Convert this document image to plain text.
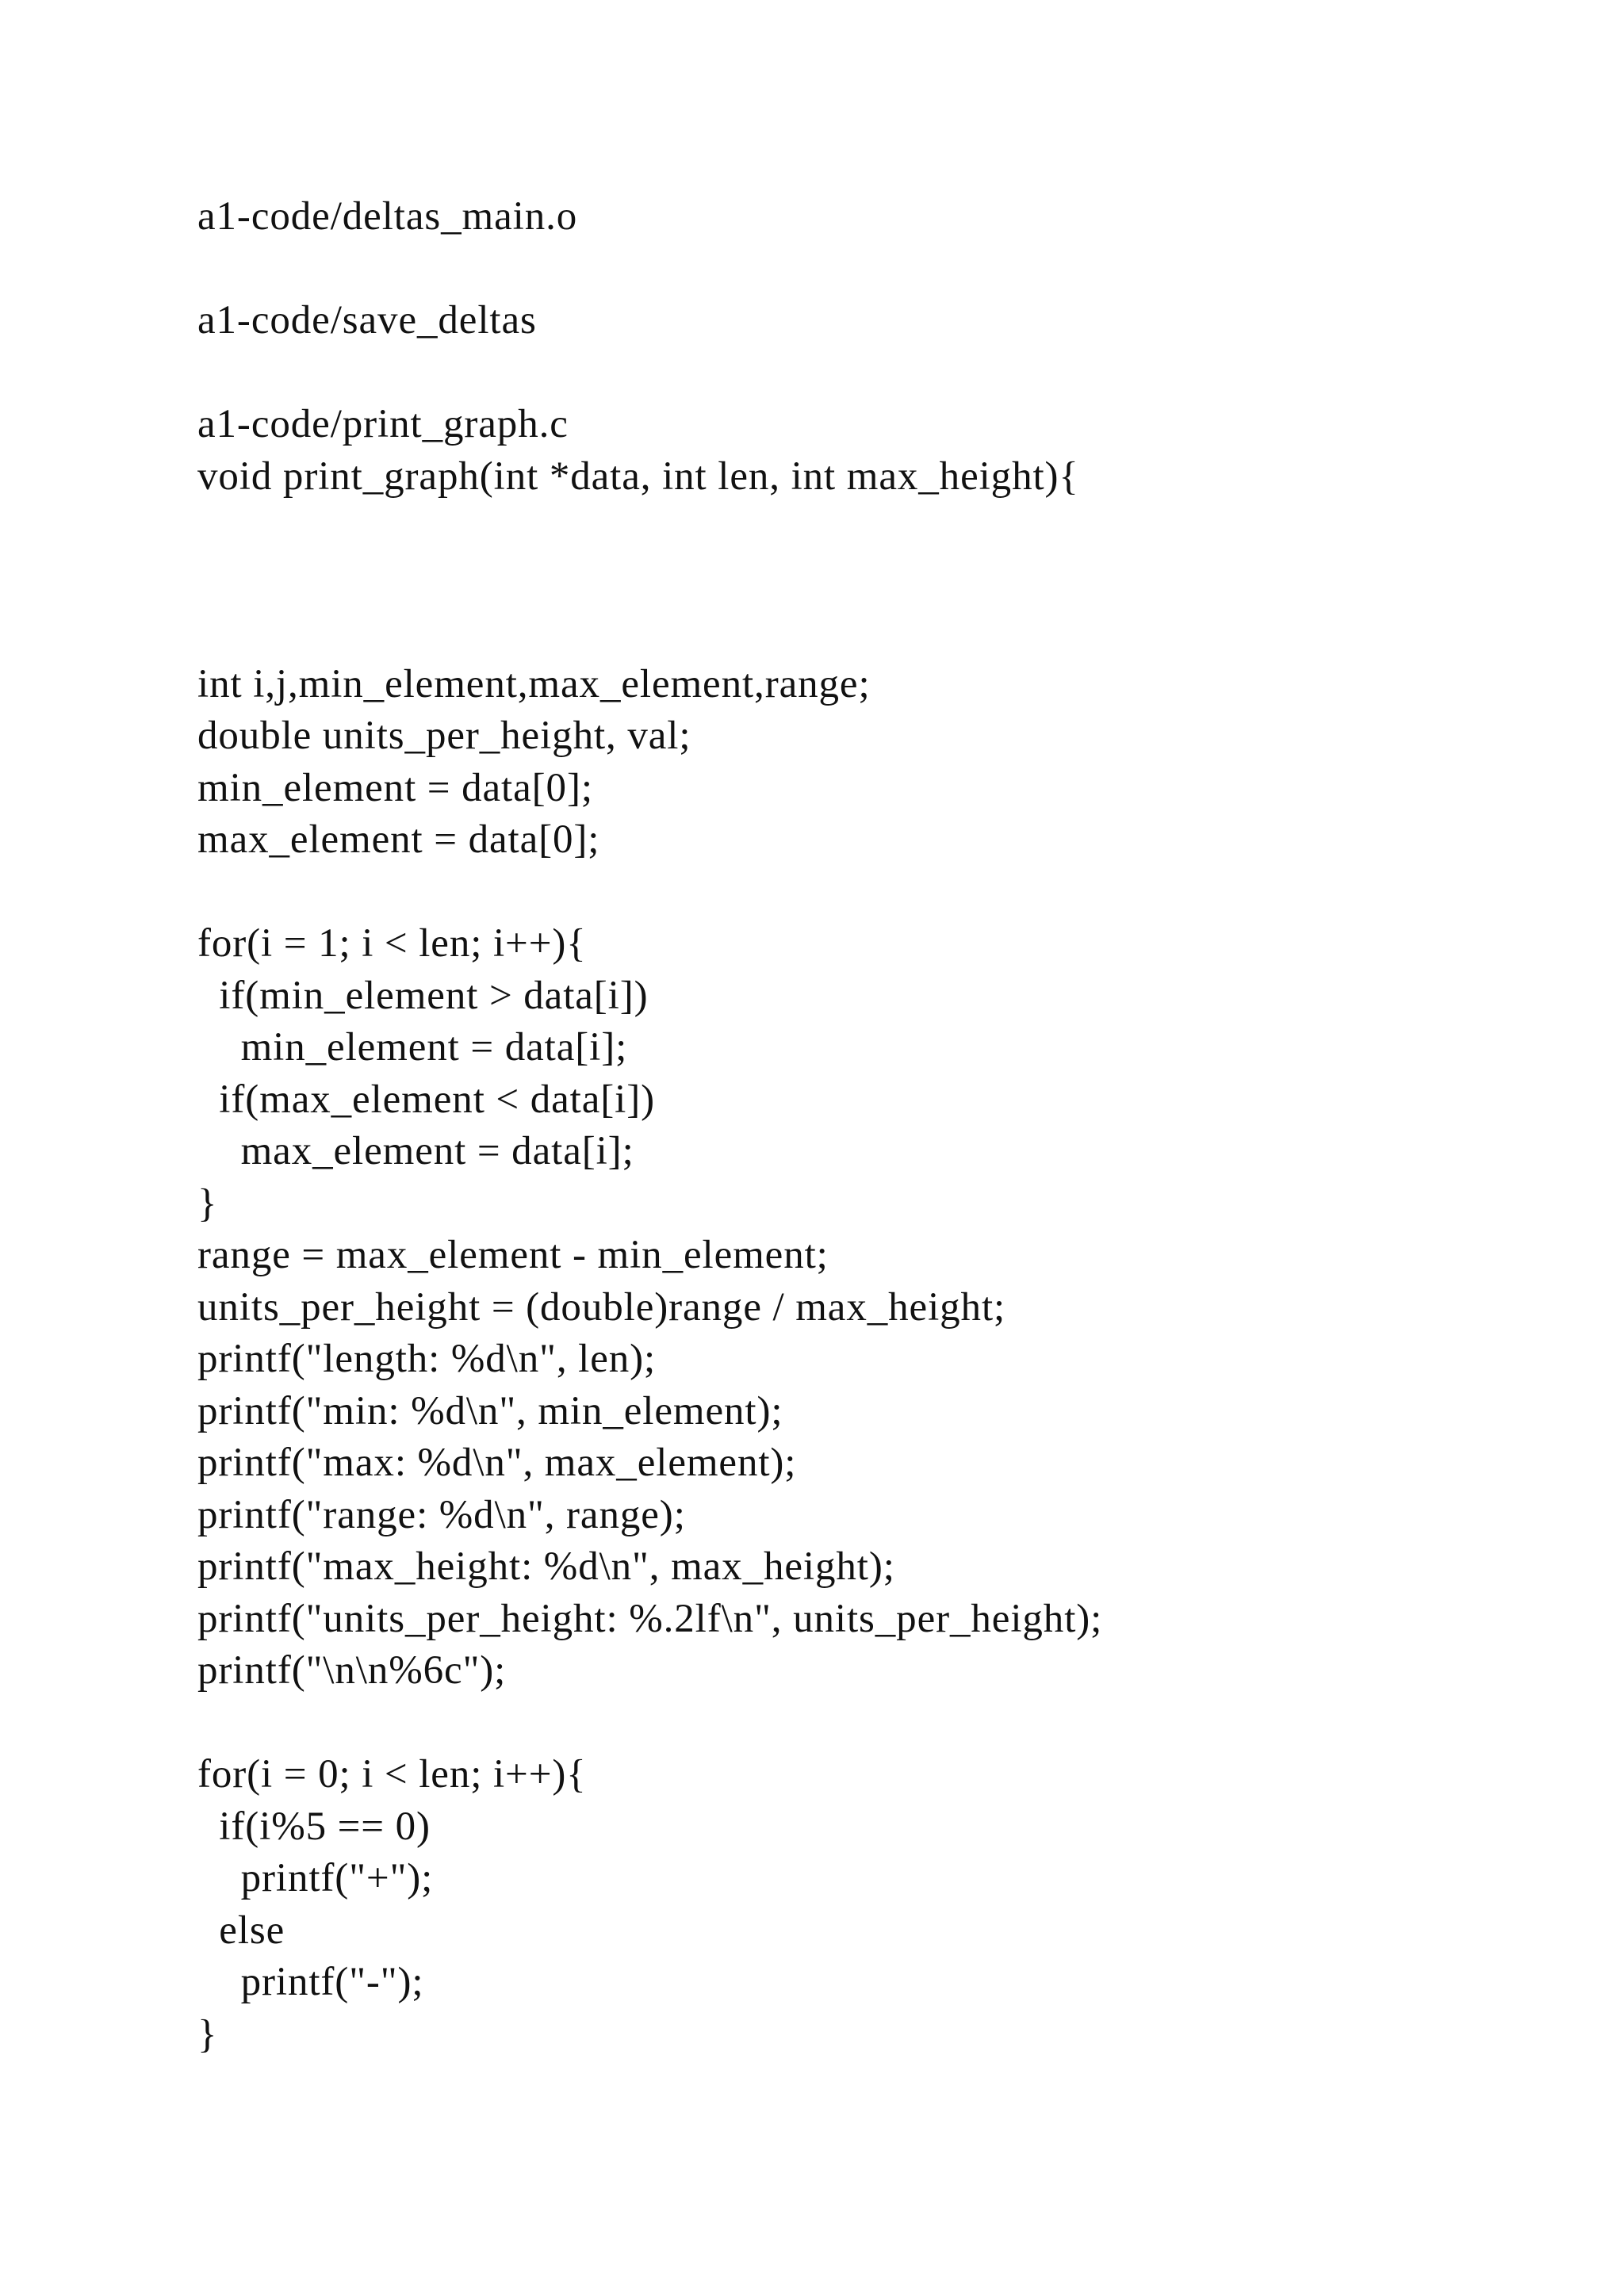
a1-code/deltas_main.o
a1-code/save_deltas
a1-code/print_graph.c
void print_graph(int *data, int len, int max_height){
int i,j,min_element,max_element,range;
double units_per_height, val;
min_element = data[0];
max_element = data[0];
for(i = 1; i < len; i++){
if(min_element > data[i])
min_element = data[i];
if(max_element < data[i])
max_element = data[i];
}
range = max_element - min_element;
units_per_height = (double)range / max_height;
printf("length: %d\n", len);
printf("min: %d\n", min_element);
printf("max: %d\n", max_element);
printf("range: %d\n", range);
printf("max_height: %d\n", max_height);
printf("units_per_height: %.2lf\n", units_per_height);
printf("\n\n%6c");
for(i = 0; i < len; i++){
if(i%5 == 0)
printf("+");
else
printf("-");
}
